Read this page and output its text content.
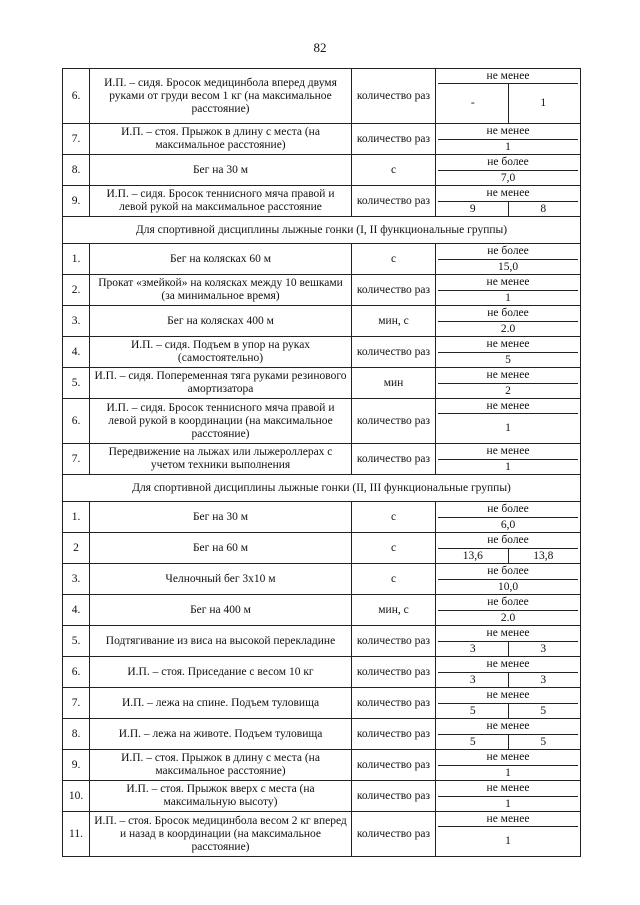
82
6.	И.П. – сидя. Бросок медицинбола вперед двумя руками от груди весом 1 кг (на максимальное расстояние)	количество раз	не менее
- 1

7.	И.П. – стоя. Прыжок в длину с места (на максимальное расстояние)	количество раз	не менее
1

8.	Бег на 30 м	с	не более
7,0

9.	И.П. – сидя. Бросок теннисного мяча правой и левой рукой на максимальное расстояние	количество раз	не менее
9 8

Для спортивной дисциплины лыжные гонки (I, II функциональные группы)			
1.	Бег на колясках 60 м	с	не более
15,0

2.	Прокат «змейкой» на колясках между 10 вешками (за минимальное время)	количество раз	не менее
1

3.	Бег на колясках 400 м	мин, с	не более
2.0

4.	И.П. – сидя. Подъем в упор на руках (самостоятельно)	количество раз	не менее
5

5.	И.П. – сидя. Попеременная тяга руками резинового амортизатора	мин	не менее
2

6.	И.П. – сидя. Бросок теннисного мяча правой и левой рукой в координации (на максимальное расстояние)	количество раз	не менее
1

7.	Передвижение на лыжах или лыжероллерах с учетом техники выполнения	количество раз	не менее
1

Для спортивной дисциплины лыжные гонки (II, III функциональные группы)			
1.	Бег на 30 м	с	не более
6,0

2	Бег на 60 м	с	не более
13,6 13,8

3.	Челночный бег 3х10 м	с	не более
10,0

4.	Бег на 400 м	мин, с	не более
2.0

5.	Подтягивание из виса на высокой перекладине	количество раз	не менее
3 3

6.	И.П. – стоя. Приседание с весом 10 кг	количество раз	не менее
3 3

7.	И.П. – лежа на спине. Подъем туловища	количество раз	не менее
5 5

8.	И.П. – лежа на животе. Подъем туловища	количество раз	не менее
5 5

9.	И.П. – стоя. Прыжок в длину с места (на максимальное расстояние)	количество раз	не менее
1

10.	И.П. – стоя. Прыжок вверх с места (на максимальную высоту)	количество раз	не менее
1

11.	И.П. – стоя. Бросок медицинбола весом 2 кг вперед и назад в координации (на максимальное расстояние)	количество раз	не менее
1
